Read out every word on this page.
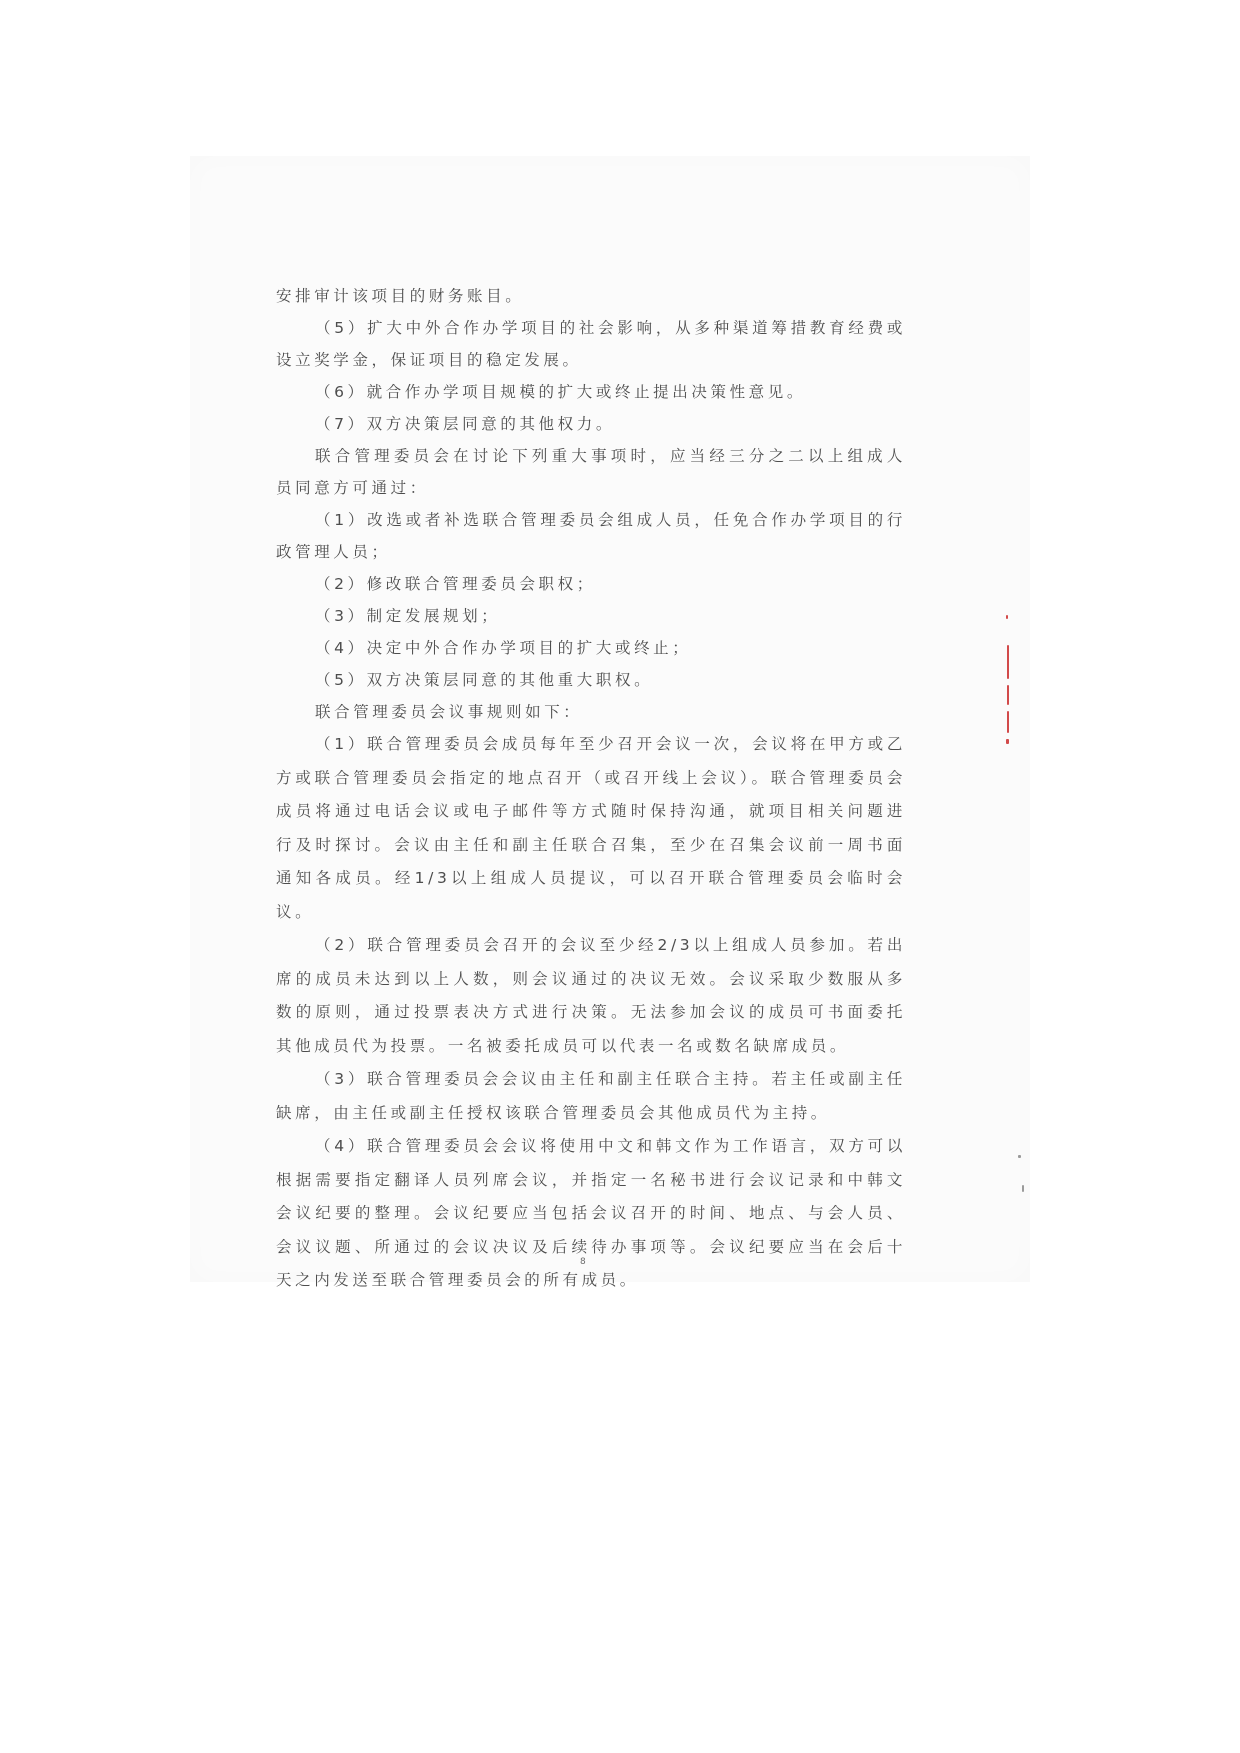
安排审计该项目的财务账目。

（5）扩大中外合作办学项目的社会影响，从多种渠道筹措教育经费或设立奖学金，保证项目的稳定发展。

（6）就合作办学项目规模的扩大或终止提出决策性意见。

（7）双方决策层同意的其他权力。

联合管理委员会在讨论下列重大事项时，应当经三分之二以上组成人员同意方可通过：

（1）改选或者补选联合管理委员会组成人员，任免合作办学项目的行政管理人员；

（2）修改联合管理委员会职权；

（3）制定发展规划；

（4）决定中外合作办学项目的扩大或终止；

（5）双方决策层同意的其他重大职权。

联合管理委员会议事规则如下：

（1）联合管理委员会成员每年至少召开会议一次，会议将在甲方或乙方或联合管理委员会指定的地点召开（或召开线上会议）。联合管理委员会成员将通过电话会议或电子邮件等方式随时保持沟通，就项目相关问题进行及时探讨。会议由主任和副主任联合召集，至少在召集会议前一周书面通知各成员。经1/3以上组成人员提议，可以召开联合管理委员会临时会议。

（2）联合管理委员会召开的会议至少经2/3以上组成人员参加。若出席的成员未达到以上人数，则会议通过的决议无效。会议采取少数服从多数的原则，通过投票表决方式进行决策。无法参加会议的成员可书面委托其他成员代为投票。一名被委托成员可以代表一名或数名缺席成员。

（3）联合管理委员会会议由主任和副主任联合主持。若主任或副主任缺席，由主任或副主任授权该联合管理委员会其他成员代为主持。

（4）联合管理委员会会议将使用中文和韩文作为工作语言，双方可以根据需要指定翻译人员列席会议，并指定一名秘书进行会议记录和中韩文会议纪要的整理。会议纪要应当包括会议召开的时间、地点、与会人员、会议议题、所通过的会议决议及后续待办事项等。会议纪要应当在会后十天之内发送至联合管理委员会的所有成员。

8
